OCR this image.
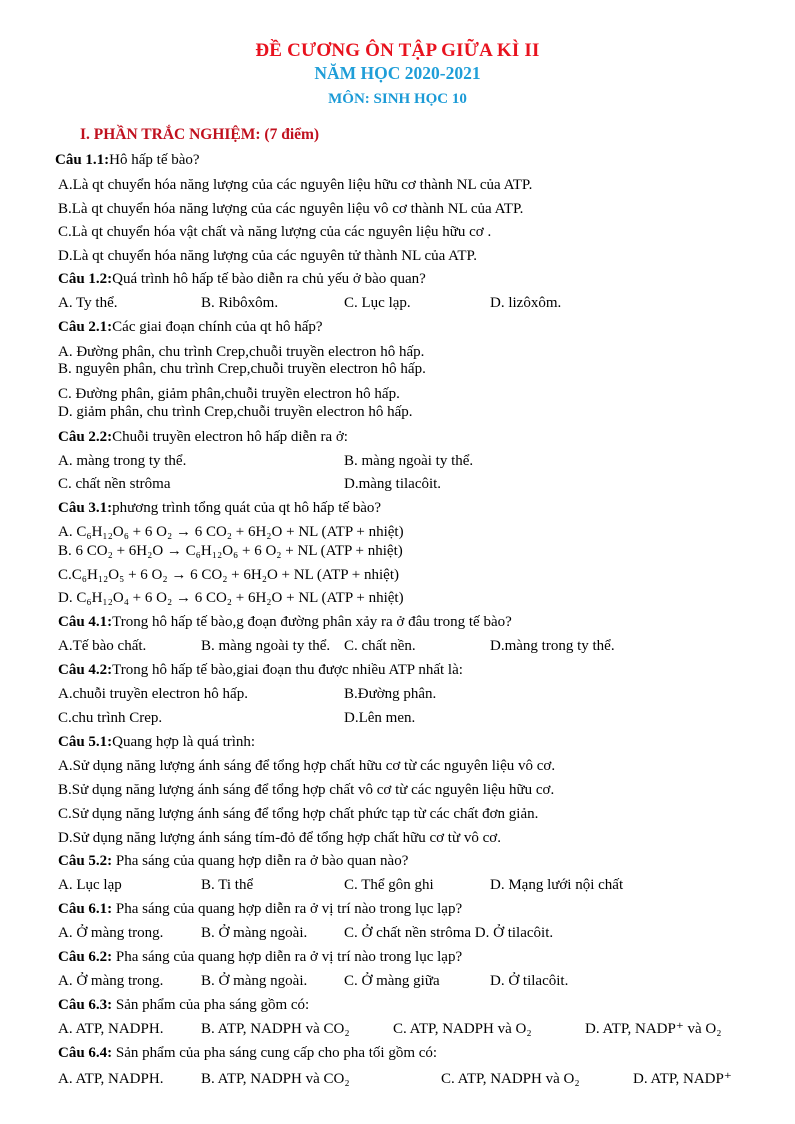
ĐỀ CƯƠNG ÔN TẬP GIỮA KÌ II
NĂM HỌC 2020-2021
MÔN: SINH HỌC 10
I. PHẦN TRẮC NGHIỆM: (7 điểm)
Câu 1.1:Hô hấp tế bào?
A.Là qt chuyển hóa năng lượng của các nguyên liệu hữu cơ thành NL của ATP.
B.Là qt chuyển hóa năng lượng của các nguyên liệu vô cơ thành NL của ATP.
C.Là qt chuyển hóa vật chất và năng lượng của các nguyên liệu hữu cơ .
D.Là qt chuyển hóa năng lượng của các nguyên tử thành NL của ATP.
Câu 1.2:Quá trình hô hấp tế bào diễn ra chủ yếu ở bào quan?
A. Ty thể.	B. Ribôxôm.	C. Lục lạp.	D. lizôxôm.
Câu 2.1:Các giai đoạn chính của qt hô hấp?
A. Đường phân, chu trình Crep,chuỗi truyền electron hô hấp.
B. nguyên phân, chu trình Crep,chuỗi truyền electron hô hấp.
C. Đường phân, giảm phân,chuỗi truyền electron hô hấp.
D. giảm phân, chu trình Crep,chuỗi truyền electron hô hấp.
Câu 2.2:Chuỗi truyền electron hô hấp diễn ra ở:
A. màng trong ty thể.	B. màng ngoài ty thể.
C. chất nền strôma	D.màng tilacôit.
Câu 3.1:phương trình tổng quát của qt hô hấp tế bào?
A. C₆H₁₂O₆ + 6 O₂ → 6 CO₂ + 6H₂O + NL (ATP + nhiệt)
B. 6 CO₂ + 6H₂O → C₆H₁₂O₆ + 6 O₂ + NL (ATP + nhiệt)
C.C₆H₁₂O₅ + 6 O₂ → 6 CO₂ + 6H₂O + NL (ATP + nhiệt)
D. C₆H₁₂O₄ + 6 O₂ → 6 CO₂ + 6H₂O + NL (ATP + nhiệt)
Câu 4.1:Trong hô hấp tế bào,g đoạn đường phân xảy ra ở đâu trong tế bào?
A.Tế bào chất.	B. màng ngoài ty thể. C. chất nền.	D.màng trong ty thể.
Câu 4.2:Trong hô hấp tế bào,giai đoạn thu được nhiều ATP nhất là:
A.chuỗi truyền electron hô hấp.	B.Đường phân.
C.chu trình Crep.	D.Lên men.
Câu 5.1:Quang hợp là quá trình:
A.Sử dụng năng lượng ánh sáng để tổng hợp chất hữu cơ từ các nguyên liệu vô cơ.
B.Sử dụng năng lượng ánh sáng để tổng hợp chất vô cơ từ các nguyên liệu hữu cơ.
C.Sử dụng năng lượng ánh sáng để tổng hợp chất phức tạp từ các chất đơn giản.
D.Sử dụng năng lượng ánh sáng tím-đỏ để tổng hợp chất hữu cơ từ vô cơ.
Câu 5.2: Pha sáng của quang hợp diễn ra ở bào quan nào?
A. Lục lạp	B. Ti thể	C. Thể gôn ghi	D. Mạng lưới nội chất
Câu 6.1: Pha sáng của quang hợp diễn ra ở vị trí nào trong lục lạp?
A. Ở màng trong.	B. Ở màng ngoài. C. Ở chất nền strôma D. Ở tilacôit.
Câu 6.2: Pha sáng của quang hợp diễn ra ở vị trí nào trong lục lạp?
A. Ở màng trong.	B. Ở màng ngoài. C. Ở màng giữa	D. Ở tilacôit.
Câu 6.3: Sản phẩm của pha sáng gồm có:
A. ATP, NADPH.	B. ATP, NADPH và CO₂	C. ATP, NADPH và O₂	D. ATP, NADP⁺ và O₂
Câu 6.4: Sản phẩm của pha sáng cung cấp cho pha tối gồm có:
A. ATP, NADPH.	B. ATP, NADPH và CO₂	C. ATP, NADPH và O₂	D. ATP, NADP⁺
